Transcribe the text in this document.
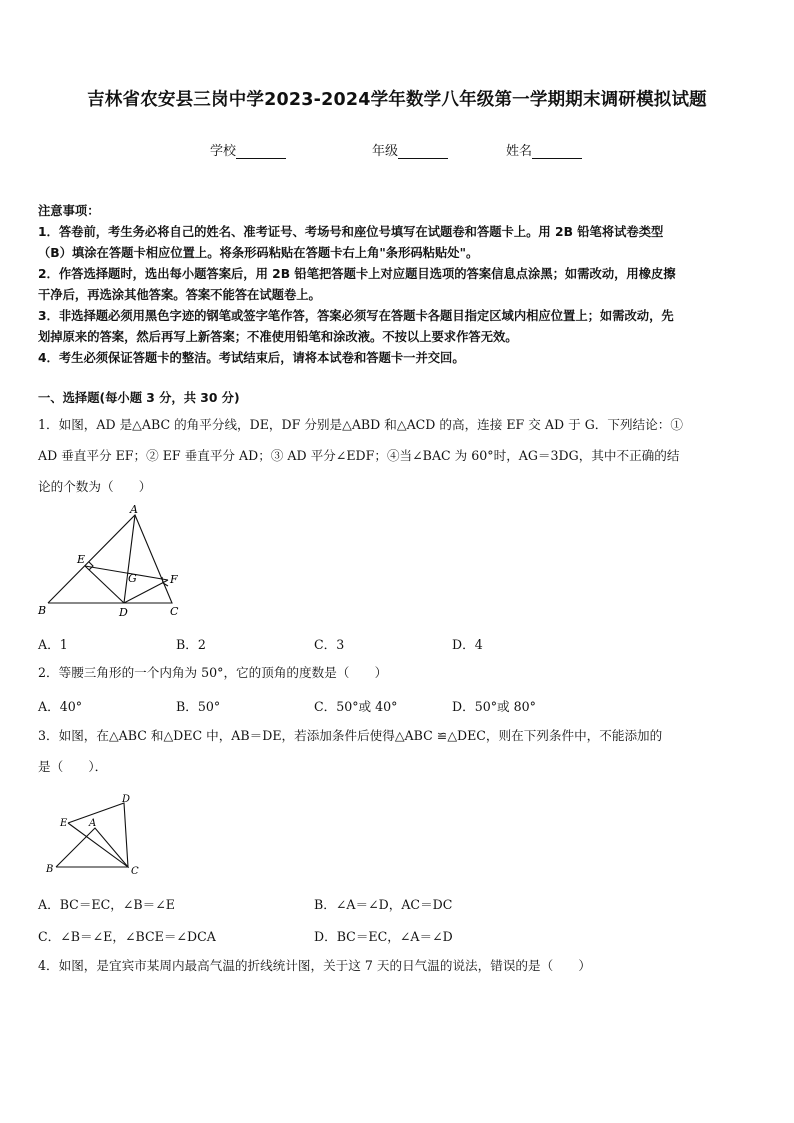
吉林省农安县三岗中学2023-2024学年数学八年级第一学期期末调研模拟试题
学校	年级	姓名
注意事项：
1．答卷前，考生务必将自己的姓名、准考证号、考场号和座位号填写在试题卷和答题卡上。用 2B 铅笔将试卷类型
（B）填涂在答题卡相应位置上。将条形码粘贴在答题卡右上角"条形码粘贴处"。
2．作答选择题时，选出每小题答案后，用 2B 铅笔把答题卡上对应题目选项的答案信息点涂黑；如需改动，用橡皮擦
干净后，再选涂其他答案。答案不能答在试题卷上。
3．非选择题必须用黑色字迹的钢笔或签字笔作答，答案必须写在答题卡各题目指定区域内相应位置上；如需改动，先
划掉原来的答案，然后再写上新答案；不准使用铅笔和涂改液。不按以上要求作答无效。
4．考生必须保证答题卡的整洁。考试结束后，请将本试卷和答题卡一并交回。
一、选择题(每小题 3 分，共 30 分)
1．如图，AD 是△ABC 的角平分线，DE，DF 分别是△ABD 和△ACD 的高，连接 EF 交 AD 于 G．下列结论：①
AD 垂直平分 EF；② EF 垂直平分 AD；③ AD 平分∠EDF；④当∠BAC 为 60°时，AG＝3DG，其中不正确的结
论的个数为（　　）
A
B	C
D
E
F
G
A．1	B．2	C．3	D．4
2．等腰三角形的一个内角为 50°，它的顶角的度数是（　　）
A．40°	B．50°	C．50°或 40°	D．50°或 80°
3．如图，在△ABC 和△DEC 中，AB＝DE，若添加条件后使得△ABC ≌△DEC，则在下列条件中，不能添加的
是（　　）．
D
E A
B	C
A．BC＝EC，∠B＝∠E	B．∠A＝∠D，AC＝DC
C．∠B＝∠E，∠BCE＝∠DCA	D．BC＝EC，∠A＝∠D
4．如图，是宜宾市某周内最高气温的折线统计图，关于这 7 天的日气温的说法，错误的是（　　）
